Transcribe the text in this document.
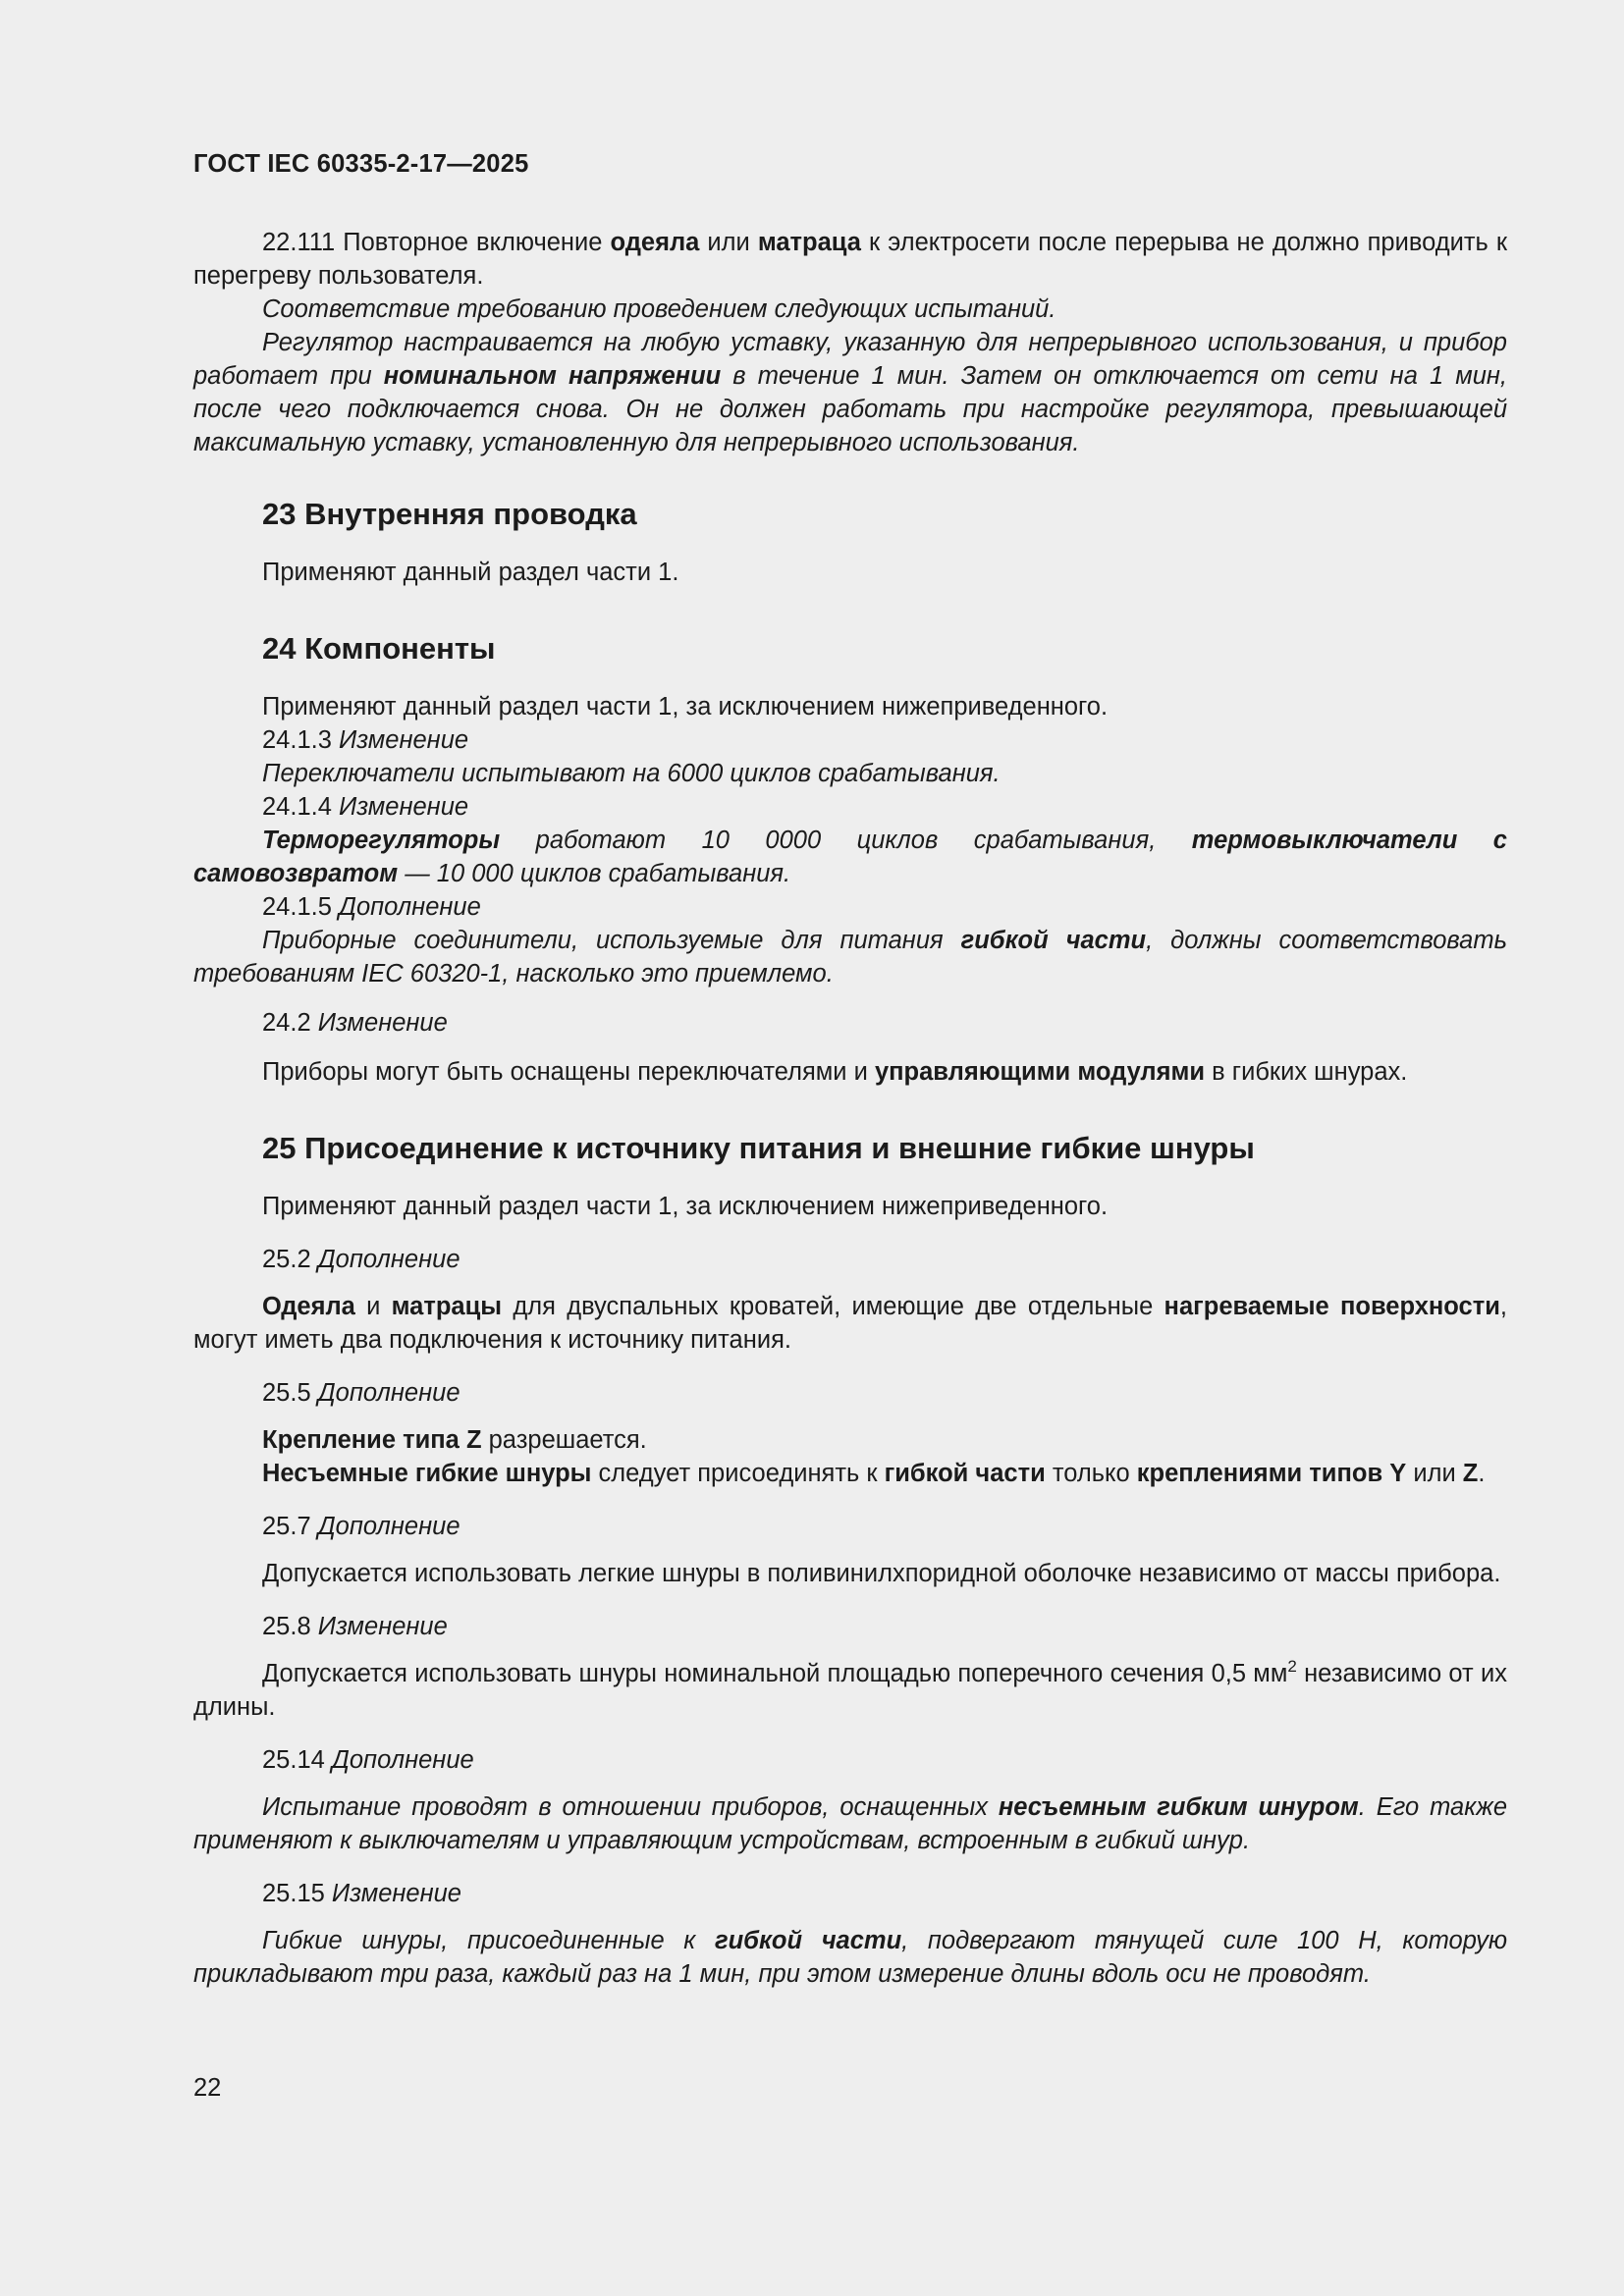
ГОСТ IEC 60335-2-17—2025

22.111 Повторное включение одеяла или матраца к электросети после перерыва не должно приводить к перегреву пользователя.

Соответствие требованию проведением следующих испытаний.

Регулятор настраивается на любую уставку, указанную для непрерывного использования, и прибор работает при номинальном напряжении в течение 1 мин. Затем он отключается от сети на 1 мин, после чего подключается снова. Он не должен работать при настройке регулятора, превышающей максимальную уставку, установленную для непрерывного использования.

23 Внутренняя проводка

Применяют данный раздел части 1.

24 Компоненты

Применяют данный раздел части 1, за исключением нижеприведенного.

24.1.3 Изменение

Переключатели испытывают на 6000 циклов срабатывания.

24.1.4 Изменение

Терморегуляторы работают 10 0000 циклов срабатывания, термовыключатели с самовозвратом — 10 000 циклов срабатывания.

24.1.5 Дополнение

Приборные соединители, используемые для питания гибкой части, должны соответствовать требованиям IEC 60320-1, насколько это приемлемо.

24.2 Изменение

Приборы могут быть оснащены переключателями и управляющими модулями в гибких шнурах.

25 Присоединение к источнику питания и внешние гибкие шнуры

Применяют данный раздел части 1, за исключением нижеприведенного.

25.2 Дополнение

Одеяла и матрацы для двуспальных кроватей, имеющие две отдельные нагреваемые поверхности, могут иметь два подключения к источнику питания.

25.5 Дополнение

Крепление типа Z разрешается.

Несъемные гибкие шнуры следует присоединять к гибкой части только креплениями типов Y или Z.

25.7 Дополнение

Допускается использовать легкие шнуры в поливинилхпоридной оболочке независимо от массы прибора.

25.8 Изменение

Допускается использовать шнуры номинальной площадью поперечного сечения 0,5 $мм^2$ независимо от их длины.

25.14 Дополнение

Испытание проводят в отношении приборов, оснащенных несъемным гибким шнуром. Его также применяют к выключателям и управляющим устройствам, встроенным в гибкий шнур.

25.15 Изменение

Гибкие шнуры, присоединенные к гибкой части, подвергают тянущей силе 100 Н, которую прикладывают три раза, каждый раз на 1 мин, при этом измерение длины вдоль оси не проводят.

22
